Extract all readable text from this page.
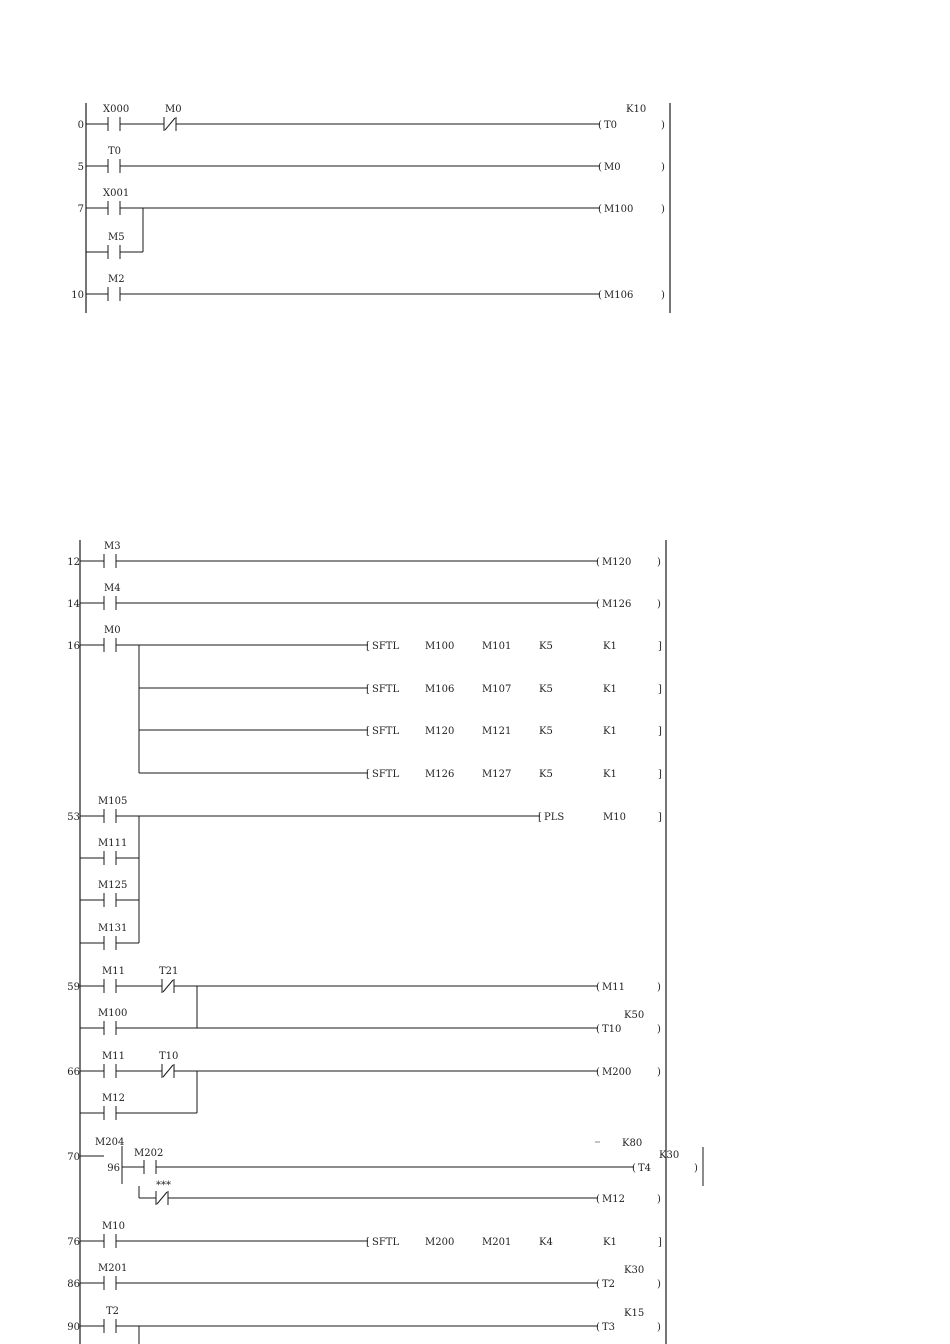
0
X000	M0
( T0
K10
)
5
T0
( M0	)
7
X001
( M100	)
M5
10
M2
( M106	)
12
M3
( M120	)
14
M4
( M126	)
16
M0
[ SFTL	M100	M101	K5	K1	]
[ SFTL	M106	M107	K5	K1	]
[ SFTL	M120	M121	K5	K1	]
[ SFTL	M126	M127	K5	K1	]
53
M105
M111
M125
M131
[ PLS	M10	]
59
M11	T21
( M11	)
M100
( T10
K50
)
66
M11	T10
( M200	)
M12
70
M204
96
M202
( T4
K80
K30
)
***
( M12	)
76
M10
[ SFTL	M200	M201	K4	K1	]
86
M201
( T2
K30
)
90
T2
( T3
K15
)
